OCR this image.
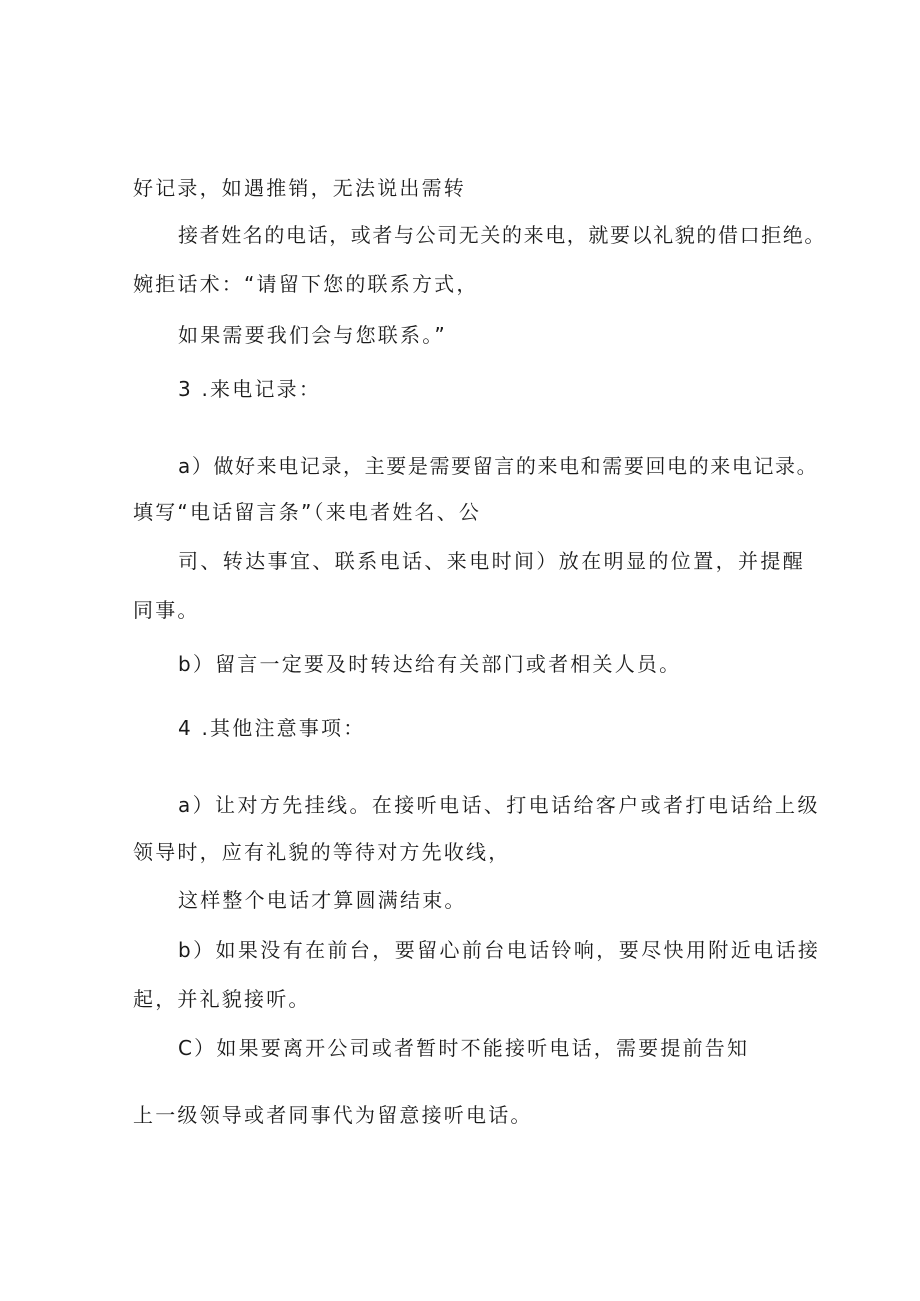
好记录，如遇推销，无法说出需转

接者姓名的电话，或者与公司无关的来电，就要以礼貌的借口拒绝。

婉拒话术：“请留下您的联系方式，

如果需要我们会与您联系。”

3 .来电记录：

a）做好来电记录，主要是需要留言的来电和需要回电的来电记录。

填写“电话留言条”（来电者姓名、公

司、转达事宜、联系电话、来电时间）放在明显的位置，并提醒

同事。

b）留言一定要及时转达给有关部门或者相关人员。

4 .其他注意事项：

a）让对方先挂线。在接听电话、打电话给客户或者打电话给上级

领导时，应有礼貌的等待对方先收线，

这样整个电话才算圆满结束。

b）如果没有在前台，要留心前台电话铃响，要尽快用附近电话接

起，并礼貌接听。

C）如果要离开公司或者暂时不能接听电话，需要提前告知

上一级领导或者同事代为留意接听电话。
